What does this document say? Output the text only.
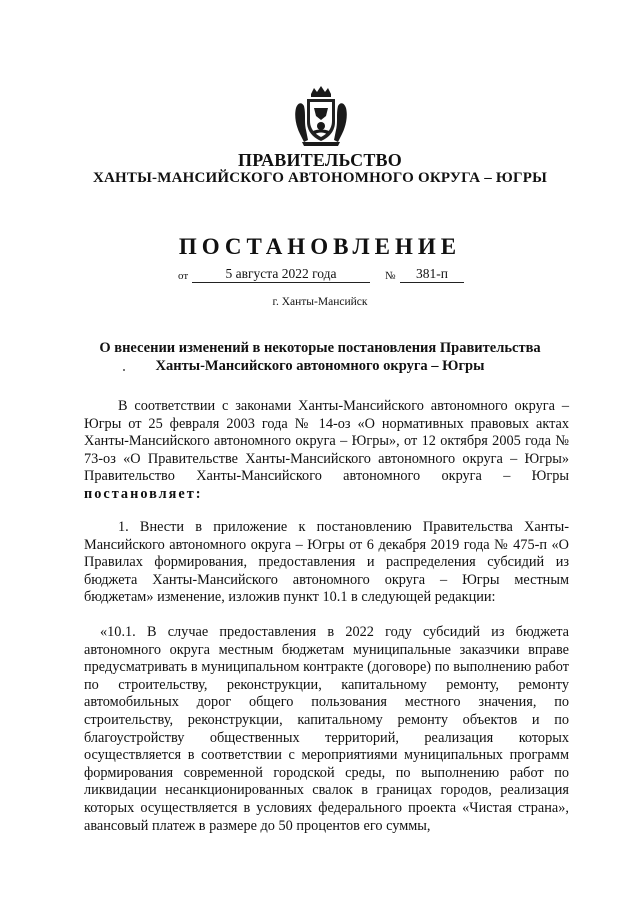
ПРАВИТЕЛЬСТВО
ХАНТЫ-МАНСИЙСКОГО АВТОНОМНОГО ОКРУГА – ЮГРЫ
ПОСТАНОВЛЕНИЕ
от	5 августа 2022 года	№	381-п
г. Ханты-Мансийск
О внесении изменений в некоторые постановления Правительства
Ханты-Мансийского автономного округа – Югры

В соответствии с законами Ханты-Мансийского автономного округа – Югры от 25 февраля 2003 года № 14-оз «О нормативных правовых актах Ханты-Мансийского автономного округа – Югры», от 12 октября 2005 года № 73-оз «О Правительстве Ханты-Мансийского автономного округа – Югры» Правительство Ханты-Мансийского автономного округа – Югры постановляет:

1. Внести в приложение к постановлению Правительства Ханты-Мансийского автономного округа – Югры от 6 декабря 2019 года № 475-п «О Правилах формирования, предоставления и распределения субсидий из бюджета Ханты-Мансийского автономного округа – Югры местным бюджетам» изменение, изложив пункт 10.1 в следующей редакции:

«10.1. В случае предоставления в 2022 году субсидий из бюджета автономного округа местным бюджетам муниципальные заказчики вправе предусматривать в муниципальном контракте (договоре) по выполнению работ по строительству, реконструкции, капитальному ремонту, ремонту автомобильных дорог общего пользования местного значения, по строительству, реконструкции, капитальному ремонту объектов и по благоустройству общественных территорий, реализация которых осуществляется в соответствии с мероприятиями муниципальных программ формирования современной городской среды, по выполнению работ по ликвидации несанкционированных свалок в границах городов, реализация которых осуществляется в условиях федерального проекта «Чистая страна», авансовый платеж в размере до 50 процентов его суммы,
